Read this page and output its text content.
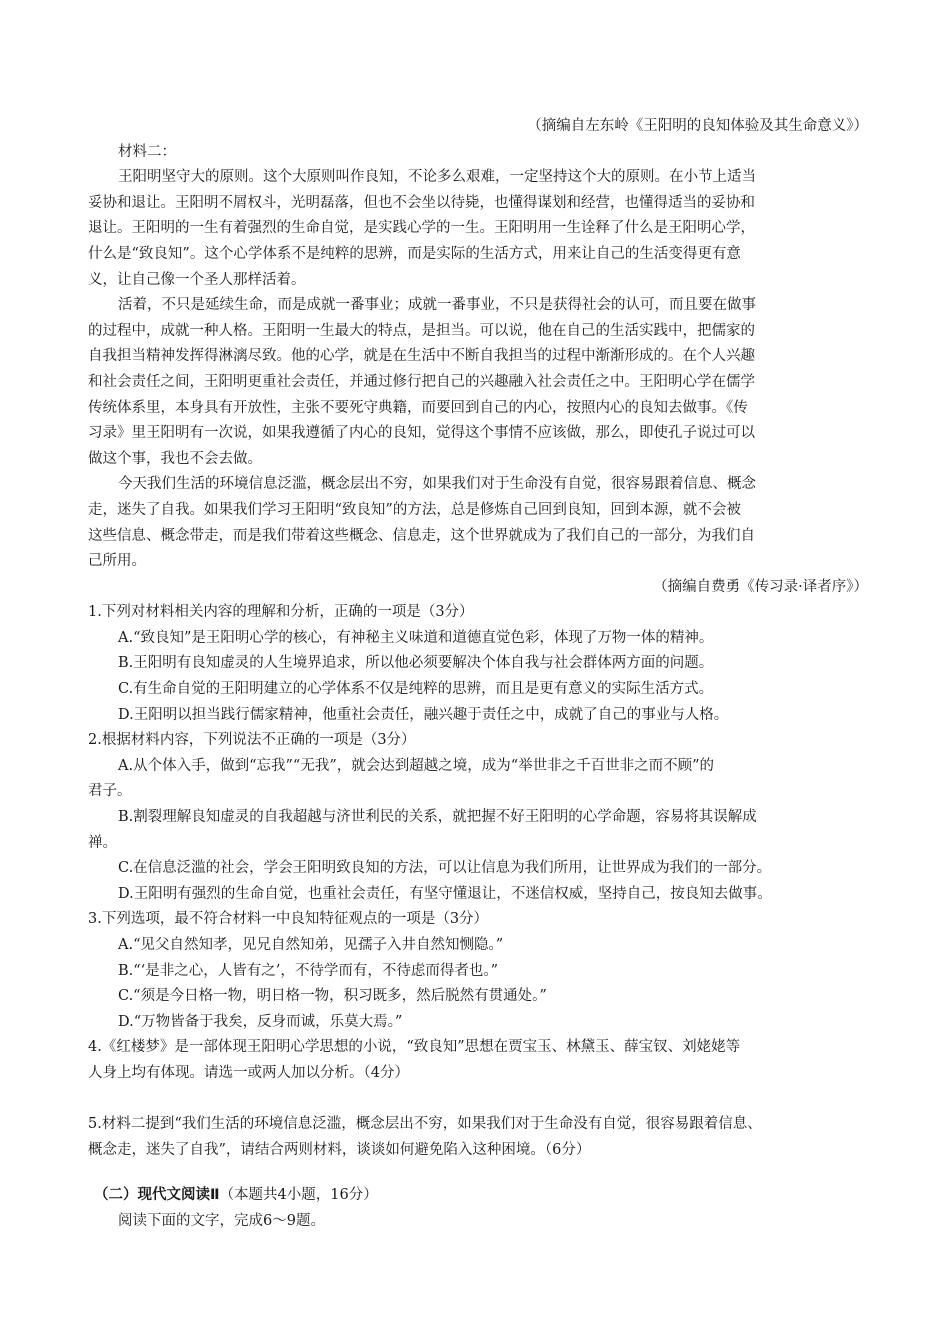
（摘编自左东岭《王阳明的良知体验及其生命意义》）
材料二：
王阳明坚守大的原则。这个大原则叫作良知，不论多么艰难，一定坚持这个大的原则。在小节上适当
妥协和退让。王阳明不屑权斗，光明磊落，但也不会坐以待毙，也懂得谋划和经营，也懂得适当的妥协和
退让。王阳明的一生有着强烈的生命自觉，是实践心学的一生。王阳明用一生诠释了什么是王阳明心学，
什么是“致良知”。这个心学体系不是纯粹的思辨，而是实际的生活方式，用来让自己的生活变得更有意
义，让自己像一个圣人那样活着。
活着，不只是延续生命，而是成就一番事业；成就一番事业，不只是获得社会的认可，而且要在做事
的过程中，成就一种人格。王阳明一生最大的特点，是担当。可以说，他在自己的生活实践中，把儒家的
自我担当精神发挥得淋漓尽致。他的心学，就是在生活中不断自我担当的过程中渐渐形成的。在个人兴趣
和社会责任之间，王阳明更重社会责任，并通过修行把自己的兴趣融入社会责任之中。王阳明心学在儒学
传统体系里，本身具有开放性，主张不要死守典籍，而要回到自己的内心，按照内心的良知去做事。《传
习录》里王阳明有一次说，如果我遵循了内心的良知，觉得这个事情不应该做，那么，即使孔子说过可以
做这个事，我也不会去做。
今天我们生活的环境信息泛滥，概念层出不穷，如果我们对于生命没有自觉，很容易跟着信息、概念
走，迷失了自我。如果我们学习王阳明“致良知”的方法，总是修炼自己回到良知，回到本源，就不会被
这些信息、概念带走，而是我们带着这些概念、信息走，这个世界就成为了我们自己的一部分，为我们自
己所用。
（摘编自费勇《传习录·译者序》）
1.下列对材料相关内容的理解和分析，正确的一项是（3分）
A.“致良知”是王阳明心学的核心，有神秘主义味道和道德直觉色彩，体现了万物一体的精神。
B.王阳明有良知虚灵的人生境界追求，所以他必须要解决个体自我与社会群体两方面的问题。
C.有生命自觉的王阳明建立的心学体系不仅是纯粹的思辨，而且是更有意义的实际生活方式。
D.王阳明以担当践行儒家精神，他重社会责任，融兴趣于责任之中，成就了自己的事业与人格。
2.根据材料内容，下列说法不正确的一项是（3分）
A.从个体入手，做到“忘我”“无我”，就会达到超越之境，成为“举世非之千百世非之而不顾”的
君子。
B.割裂理解良知虚灵的自我超越与济世利民的关系，就把握不好王阳明的心学命题，容易将其误解成
禅。
C.在信息泛滥的社会，学会王阳明致良知的方法，可以让信息为我们所用，让世界成为我们的一部分。
D.王阳明有强烈的生命自觉，也重社会责任，有坚守懂退让，不迷信权威，坚持自己，按良知去做事。
3.下列选项，最不符合材料一中良知特征观点的一项是（3分）
A.“见父自然知孝，见兄自然知弟，见孺子入井自然知恻隐。”
B.“‘是非之心，人皆有之’，不待学而有，不待虑而得者也。”
C.“须是今日格一物，明日格一物，积习既多，然后脱然有贯通处。”
D.“万物皆备于我矣，反身而诚，乐莫大焉。”
4.《红楼梦》是一部体现王阳明心学思想的小说，“致良知”思想在贾宝玉、林黛玉、薛宝钗、刘姥姥等
人身上均有体现。请选一或两人加以分析。（4分）
5.材料二提到“我们生活的环境信息泛滥，概念层出不穷，如果我们对于生命没有自觉，很容易跟着信息、
概念走，迷失了自我”，请结合两则材料，谈谈如何避免陷入这种困境。（6分）
（二）现代文阅读Ⅱ（本题共4小题，16分）
阅读下面的文字，完成6～9题。
